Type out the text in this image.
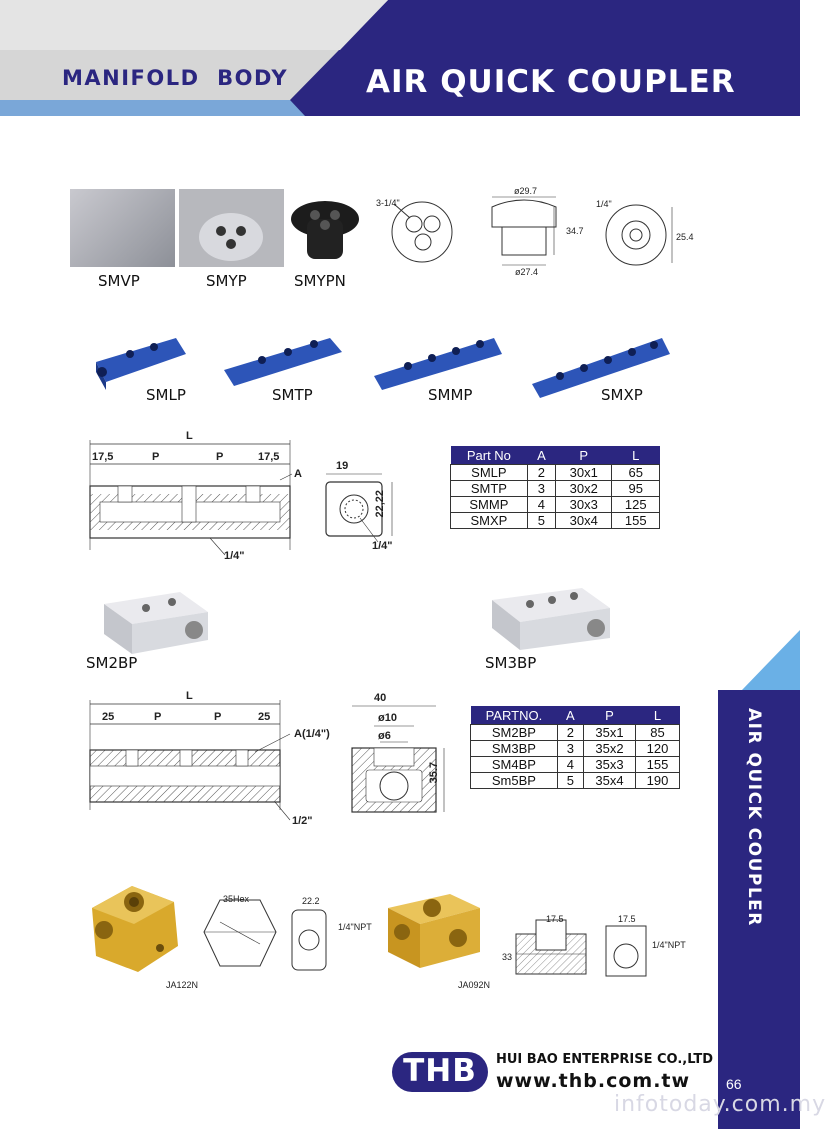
MANIFOLD  BODY	AIR QUICK COUPLER
SMVP	SMYP	SMYPN
3-1/4"
ø29.7
34.7
ø27.4
1/4"
25.4
SMLP	SMTP	SMMP	SMXP
L
17,5	P	P	17,5
A
1/4"
19
22,22
1/4"
Part No	A	P	L
SMLP	2	30x1	65
SMTP	3	30x2	95
SMMP	4	30x3	125
SMXP	5	30x4	155
SM2BP	SM3BP
L
25	P	P	25
A(1/4")
1/2"
40
ø10
ø6
35.7
PARTNO.	A	P	L
SM2BP	2	35x1	85
SM3BP	3	35x2	120
SM4BP	4	35x3	155
Sm5BP	5	35x4	190
JA122N
35Hex	22.2
1/4"NPT
JA092N
17.5
33
17.5
1/4"NPT
AIR QUICK COUPLER
66
THB	HUI BAO ENTERPRISE CO.,LTD
www.thb.com.tw
infotoday.com.my
